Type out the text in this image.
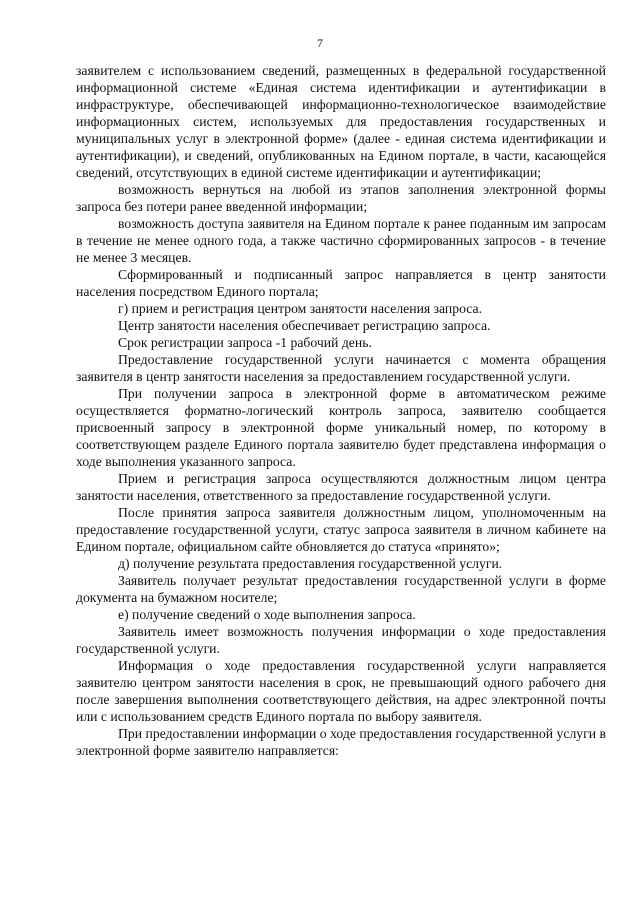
7

заявителем с использованием сведений, размещенных в федеральной государственной информационной системе «Единая система идентификации и аутентификации в инфраструктуре, обеспечивающей информационно-технологическое взаимодействие информационных систем, используемых для предоставления государственных и муниципальных услуг в электронной форме» (далее - единая система идентификации и аутентификации), и сведений, опубликованных на Едином портале, в части, касающейся сведений, отсутствующих в единой системе идентификации и аутентификации;

возможность вернуться на любой из этапов заполнения электронной формы запроса без потери ранее введенной информации;

возможность доступа заявителя на Едином портале к ранее поданным им запросам в течение не менее одного года, а также частично сформированных запросов - в течение не менее 3 месяцев.

Сформированный и подписанный запрос направляется в центр занятости населения посредством Единого портала;

г) прием и регистрация центром занятости населения запроса.

Центр занятости населения обеспечивает регистрацию запроса.

Срок регистрации запроса -1 рабочий день.

Предоставление государственной услуги начинается с момента обращения заявителя в центр занятости населения за предоставлением государственной услуги.

При получении запроса в электронной форме в автоматическом режиме осуществляется форматно-логический контроль запроса, заявителю сообщается присвоенный запросу в электронной форме уникальный номер, по которому в соответствующем разделе Единого портала заявителю будет представлена информация о ходе выполнения указанного запроса.

Прием и регистрация запроса осуществляются должностным лицом центра занятости населения, ответственного за предоставление государственной услуги.

После принятия запроса заявителя должностным лицом, уполномоченным на предоставление государственной услуги, статус запроса заявителя в личном кабинете на Едином портале, официальном сайте обновляется до статуса «принято»;

д) получение результата предоставления государственной услуги.

Заявитель получает результат предоставления государственной услуги в форме документа на бумажном носителе;

е) получение сведений о ходе выполнения запроса.

Заявитель имеет возможность получения информации о ходе предоставления государственной услуги.

Информация о ходе предоставления государственной услуги направляется заявителю центром занятости населения в срок, не превышающий одного рабочего дня после завершения выполнения соответствующего действия, на адрес электронной почты или с использованием средств Единого портала по выбору заявителя.

При предоставлении информации о ходе предоставления государственной услуги в электронной форме заявителю направляется:
